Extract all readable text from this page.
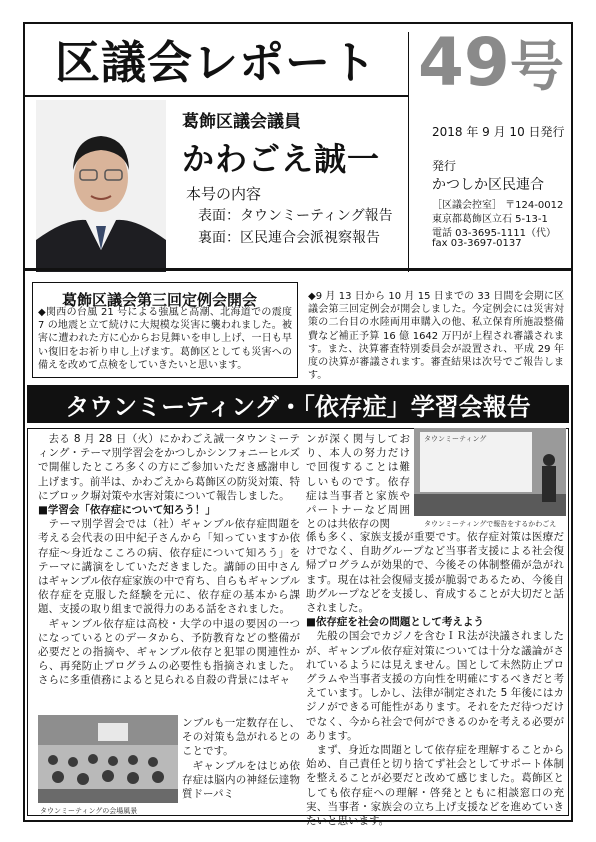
区議会レポート 49号
葛飾区議会議員
かわごえ誠一
本号の内容
表面：タウンミーティング報告
裏面：区民連合会派視察報告
2018 年 9 月 10 日発行
発行
かつしか区民連合
［区議会控室］ 〒124-0012
東京都葛飾区立石 5-13-1
電話 03-3695-1111（代）
fax 03-3697-0137
葛飾区議会第三回定例会開会
◆関西の台風 21 号による強風と高潮、北海道での震度 7 の地震と立て続けに大規模な災害に襲われました。被害に遭われた方に心からお見舞いを申し上げ、一日も早い復旧をお祈り申し上げます。葛飾区としても災害への備えを改めて点検をしていきたいと思います。
◆9 月 13 日から 10 月 15 日までの 33 日間を会期に区議会第三回定例会が開会しました。今定例会には災害対策の二台目の水陸両用車購入の他、私立保育所施設整備費など補正予算 16 億 1642 万円が上程され審議されます。また、決算審査特別委員会が設置され、平成 29 年度の決算が審議されます。審査結果は次号でご報告します。
タウンミーティング・「依存症」学習会報告
去る 8 月 28 日（火）にかわごえ誠一タウンミーティング・テーマ別学習会をかつしかシンフォニーヒルズで開催したところ多くの方にご参加いただき感謝申し上げます。前半は、かわごえから葛飾区の防災対策、特にブロック塀対策や水害対策について報告しました。
■学習会「依存症について知ろう！」
テーマ別学習会では（社）ギャンブル依存症問題を考える会代表の田中紀子さんから「知っていますか依存症～身近なこころの病、依存症について知ろう」をテーマに講演をしていただきました。講師の田中さんはギャンブル依存症家族の中で育ち、自らもギャンブル依存症を克服した経験を元に、依存症の基本から課題、支援の取り組まで説得力のある話をされました。
ギャンブル依存症は高校・大学の中退の要因の一つになっているとのデータから、予防教育などの整備が必要だとの指摘や、ギャンブル依存と犯罪の関連性から、再発防止プログラムの必要性も指摘されました。さらに多重債務によると見られる自殺の背景にはギャ
タウンミーティングの会場風景
ンブルも一定数存在し、その対策も急がれるとのことです。
ギャンブルをはじめ依存症は脳内の神経伝達物質ドーパミ
ンが深く関与しており、本人の努力だけで回復することは難しいものです。依存症は当事者と家族やパートナーなど周囲とのは共依存の関
タウンミーティング
タウンミーティングで報告をするかわごえ
係も多く、家族支援が重要です。依存症対策は医療だけでなく、自助グループなど当事者支援による社会復帰プログラムが効果的で、今後その体制整備が急がれます。現在は社会復帰支援が脆弱であるため、今後自助グループなどを支援し、育成することが大切だと話されました。
■依存症を社会の問題として考えよう
先般の国会でカジノを含むＩＲ法が決議されましたが、ギャンブル依存症対策については十分な議論がされているようには見えません。国として未然防止プログラムや当事者支援の方向性を明確にするべきだと考えています。しかし、法律が制定された 5 年後にはカジノができる可能性があります。それをただ待つだけでなく、今から社会で何ができるのかを考える必要があります。
まず、身近な問題として依存症を理解することから始め、自己責任と切り捨てず社会としてサポート体制を整えることが必要だと改めて感じました。葛飾区としても依存症への理解・啓発とともに相談窓口の充実、当事者・家族会の立ち上げ支援などを進めていきたいと思います。
